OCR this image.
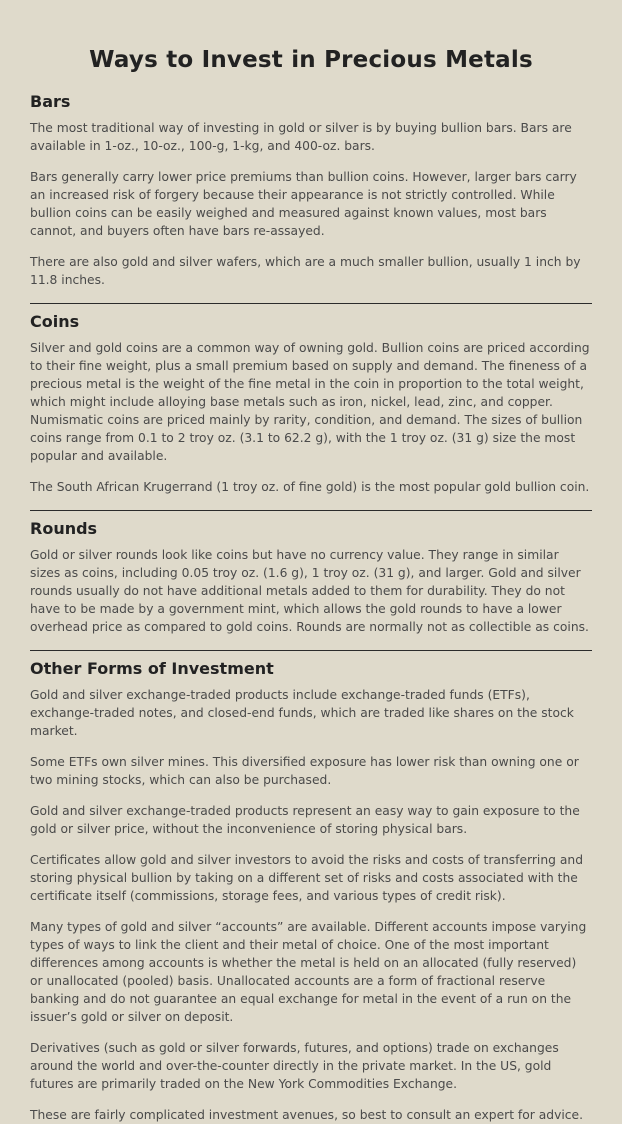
Ways to Invest in Precious Metals
Bars

The most traditional way of investing in gold or silver is by buying bullion bars. Bars are available in 1-oz., 10-oz., 100-g, 1-kg, and 400-oz. bars.

Bars generally carry lower price premiums than bullion coins. However, larger bars carry an increased risk of forgery because their appearance is not strictly controlled. While bullion coins can be easily weighed and measured against known values, most bars cannot, and buyers often have bars re-assayed.

There are also gold and silver wafers, which are a much smaller bullion, usually 1 inch by 11.8 inches.

Coins

Silver and gold coins are a common way of owning gold. Bullion coins are priced according to their fine weight, plus a small premium based on supply and demand. The fineness of a precious metal is the weight of the fine metal in the coin in proportion to the total weight, which might include alloying base metals such as iron, nickel, lead, zinc, and copper. Numismatic coins are priced mainly by rarity, condition, and demand. The sizes of bullion coins range from 0.1 to 2 troy oz. (3.1 to 62.2 g), with the 1 troy oz. (31 g) size the most popular and available.

The South African Krugerrand (1 troy oz. of fine gold) is the most popular gold bullion coin.

Rounds

Gold or silver rounds look like coins but have no currency value. They range in similar sizes as coins, including 0.05 troy oz. (1.6 g), 1 troy oz. (31 g), and larger. Gold and silver rounds usually do not have additional metals added to them for durability. They do not have to be made by a government mint, which allows the gold rounds to have a lower overhead price as compared to gold coins. Rounds are normally not as collectible as coins.

Other Forms of Investment

Gold and silver exchange-traded products include exchange-traded funds (ETFs), exchange-traded notes, and closed-end funds, which are traded like shares on the stock market.

Some ETFs own silver mines. This diversified exposure has lower risk than owning one or two mining stocks, which can also be purchased.

Gold and silver exchange-traded products represent an easy way to gain exposure to the gold or silver price, without the inconvenience of storing physical bars.

Certificates allow gold and silver investors to avoid the risks and costs of transferring and storing physical bullion by taking on a different set of risks and costs associated with the certificate itself (commissions, storage fees, and various types of credit risk).

Many types of gold and silver “accounts” are available. Different accounts impose varying types of ways to link the client and their metal of choice. One of the most important differences among accounts is whether the metal is held on an allocated (fully reserved) or unallocated (pooled) basis. Unallocated accounts are a form of fractional reserve banking and do not guarantee an equal exchange for metal in the event of a run on the issuer’s gold or silver on deposit.

Derivatives (such as gold or silver forwards, futures, and options) trade on exchanges around the world and over-the-counter directly in the private market. In the US, gold futures are primarily traded on the New York Commodities Exchange.

These are fairly complicated investment avenues, so best to consult an expert for advice.
